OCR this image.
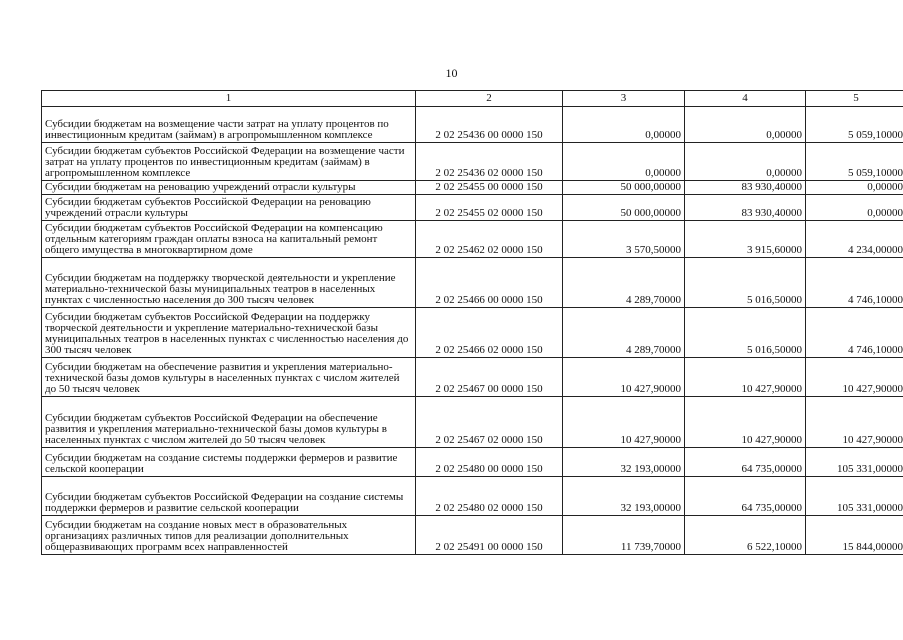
10
1	2	3	4	5
Субсидии бюджетам на возмещение части затрат на уплату процентов по инвестиционным кредитам (займам) в агропромышленном комплексе	2 02 25436 00 0000 150	0,00000	0,00000	5 059,10000
Субсидии бюджетам субъектов Российской Федерации на возмещение части затрат на уплату процентов по инвестиционным кредитам (займам) в агропромышленном комплексе	2 02 25436 02 0000 150	0,00000	0,00000	5 059,10000
Субсидии бюджетам на реновацию учреждений отрасли культуры	2 02 25455 00 0000 150	50 000,00000	83 930,40000	0,00000
Субсидии бюджетам субъектов Российской Федерации на реновацию учреждений отрасли культуры	2 02 25455 02 0000 150	50 000,00000	83 930,40000	0,00000
Субсидии бюджетам субъектов Российской Федерации на компенсацию отдельным категориям граждан оплаты взноса на капитальный ремонт общего имущества в многоквартирном доме	2 02 25462 02 0000 150	3 570,50000	3 915,60000	4 234,00000
Субсидии бюджетам на поддержку творческой деятельности и укрепление материально-технической базы муниципальных театров в населенных пунктах с численностью населения до 300 тысяч человек	2 02 25466 00 0000 150	4 289,70000	5 016,50000	4 746,10000
Субсидии бюджетам субъектов Российской Федерации на поддержку творческой деятельности и укрепление материально-технической базы муниципальных театров в населенных пунктах с численностью населения до 300 тысяч человек	2 02 25466 02 0000 150	4 289,70000	5 016,50000	4 746,10000
Субсидии бюджетам на обеспечение развития и укрепления материально-технической базы домов культуры в населенных пунктах с числом жителей до 50 тысяч человек	2 02 25467 00 0000 150	10 427,90000	10 427,90000	10 427,90000
Субсидии бюджетам субъектов Российской Федерации на обеспечение развития и укрепления материально-технической базы домов культуры в населенных пунктах с числом жителей до 50 тысяч человек	2 02 25467 02 0000 150	10 427,90000	10 427,90000	10 427,90000
Субсидии бюджетам на создание системы поддержки фермеров и развитие сельской кооперации	2 02 25480 00 0000 150	32 193,00000	64 735,00000	105 331,00000
Субсидии бюджетам субъектов Российской Федерации на создание системы поддержки фермеров и развитие сельской кооперации	2 02 25480 02 0000 150	32 193,00000	64 735,00000	105 331,00000
Субсидии бюджетам на создание новых мест в образовательных организациях различных типов для реализации дополнительных общеразвивающих программ всех направленностей	2 02 25491 00 0000 150	11 739,70000	6 522,10000	15 844,00000
